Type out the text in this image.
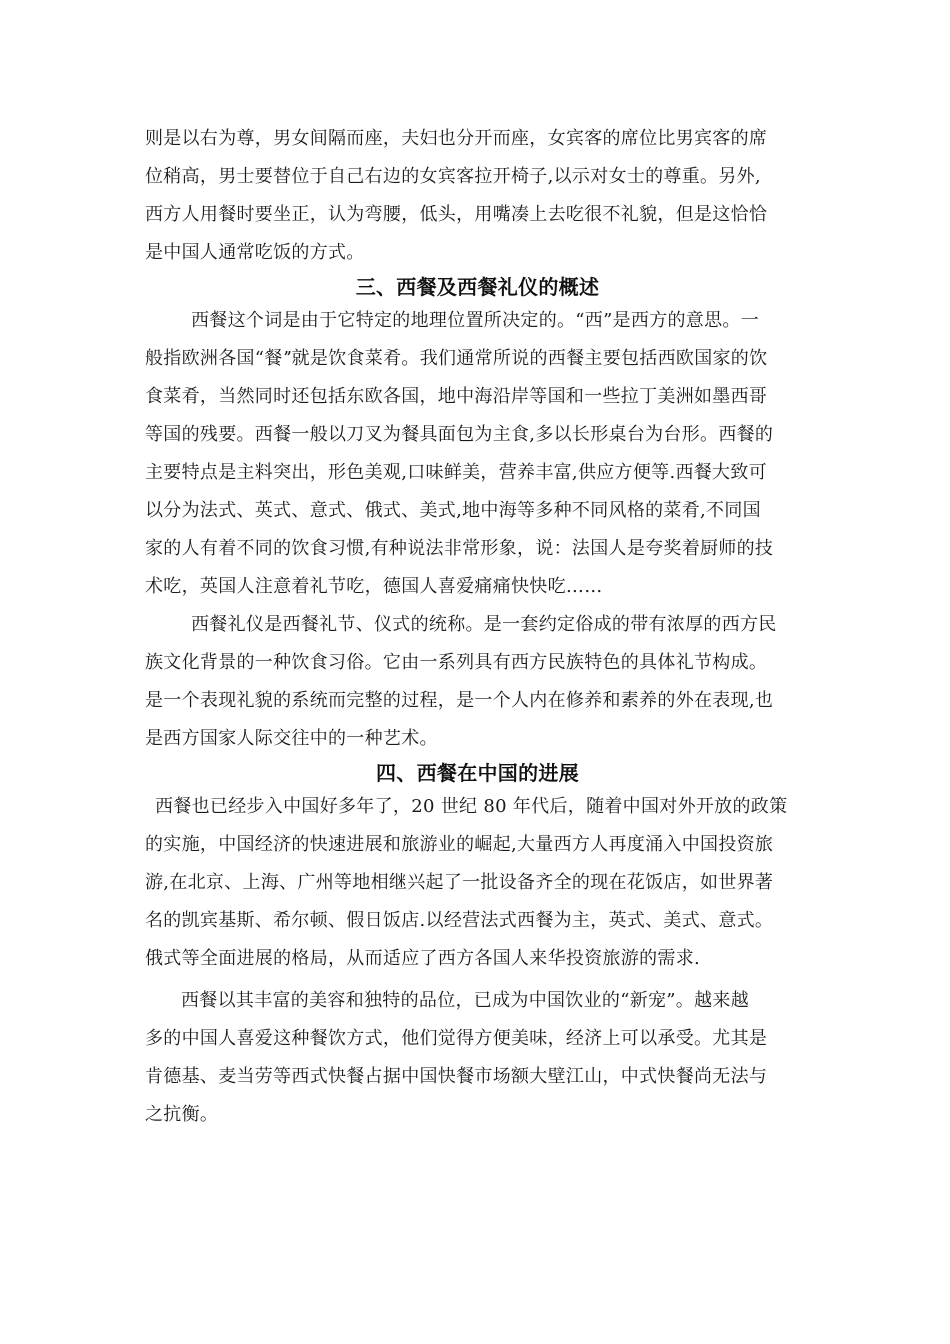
则是以右为尊，男女间隔而座，夫妇也分开而座，女宾客的席位比男宾客的席
位稍高，男士要替位于自己右边的女宾客拉开椅子,以示对女士的尊重。另外,
西方人用餐时要坐正，认为弯腰，低头，用嘴凑上去吃很不礼貌，但是这恰恰
是中国人通常吃饭的方式。

三、西餐及西餐礼仪的概述

西餐这个词是由于它特定的地理位置所决定的。“西”是西方的意思。一
般指欧洲各国“餐ˮ就是饮食菜肴。我们通常所说的西餐主要包括西欧国家的饮
食菜肴，当然同时还包括东欧各国，地中海沿岸等国和一些拉丁美洲如墨西哥
等国的残要。西餐一般以刀叉为餐具面包为主食,多以长形桌台为台形。西餐的
主要特点是主料突出，形色美观,口味鲜美，营养丰富,供应方便等.西餐大致可
以分为法式、英式、意式、俄式、美式,地中海等多种不同风格的菜肴,不同国
家的人有着不同的饮食习惯,有种说法非常形象，说：法国人是夸奖着厨师的技
术吃，英国人注意着礼节吃，德国人喜爱痛痛快快吃……

西餐礼仪是西餐礼节、仪式的统称。是一套约定俗成的带有浓厚的西方民
族文化背景的一种饮食习俗。它由一系列具有西方民族特色的具体礼节构成。
是一个表现礼貌的系统而完整的过程，是一个人内在修养和素养的外在表现,也
是西方国家人际交往中的一种艺术。

四、西餐在中国的进展

西餐也已经步入中国好多年了，20 世纪 80 年代后，随着中国对外开放的政策
的实施，中国经济的快速进展和旅游业的崛起,大量西方人再度涌入中国投资旅
游,在北京、上海、广州等地相继兴起了一批设备齐全的现在花饭店，如世界著
名的凯宾基斯、希尔顿、假日饭店.以经营法式西餐为主，英式、美式、意式。
俄式等全面进展的格局，从而适应了西方各国人来华投资旅游的需求.

西餐以其丰富的美容和独特的品位，已成为中国饮业的“新宠”。越来越
多的中国人喜爱这种餐饮方式，他们觉得方便美味，经济上可以承受。尤其是
肯德基、麦当劳等西式快餐占据中国快餐市场额大壁江山，中式快餐尚无法与
之抗衡。
